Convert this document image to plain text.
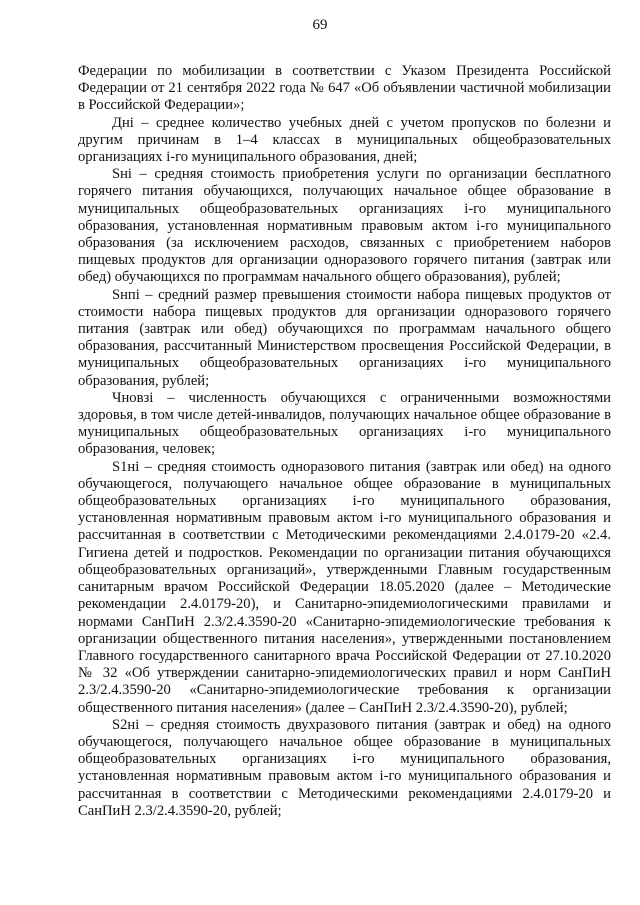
69

Федерации по мобилизации в соответствии с Указом Президента Российской Федерации от 21 сентября 2022 года № 647 «Об объявлении частичной мобилизации в Российской Федерации»;

Дні – среднее количество учебных дней с учетом пропусков по болезни и другим причинам в 1–4 классах в муниципальных общеобразовательных организациях i-го муниципального образования, дней;

Sні – средняя стоимость приобретения услуги по организации бесплатного горячего питания обучающихся, получающих начальное общее образование в муниципальных общеобразовательных организациях i-го муниципального образования, установленная нормативным правовым актом i-го муниципального образования (за исключением расходов, связанных с приобретением наборов пищевых продуктов для организации одноразового горячего питания (завтрак или обед) обучающихся по программам начального общего образования), рублей;

Sнпі – средний размер превышения стоимости набора пищевых продуктов от стоимости набора пищевых продуктов для организации одноразового горячего питания (завтрак или обед) обучающихся по программам начального общего образования, рассчитанный Министерством просвещения Российской Федерации, в муниципальных общеобразовательных организациях i-го муниципального образования, рублей;

Чновзі – численность обучающихся с ограниченными возможностями здоровья, в том числе детей-инвалидов, получающих начальное общее образование в муниципальных общеобразовательных организациях i-го муниципального образования, человек;

S1ні – средняя стоимость одноразового питания (завтрак или обед) на одного обучающегося, получающего начальное общее образование в муниципальных общеобразовательных организациях i-го муниципального образования, установленная нормативным правовым актом i-го муниципального образования и рассчитанная в соответствии с Методическими рекомендациями 2.4.0179-20 «2.4. Гигиена детей и подростков. Рекомендации по организации питания обучающихся общеобразовательных организаций», утвержденными Главным государственным санитарным врачом Российской Федерации 18.05.2020 (далее – Методические рекомендации 2.4.0179-20), и Санитарно-эпидемиологическими правилами и нормами СанПиН 2.3/2.4.3590-20 «Санитарно-эпидемиологические требования к организации общественного питания населения», утвержденными постановлением Главного государственного санитарного врача Российской Федерации от 27.10.2020 № 32 «Об утверждении санитарно-эпидемиологических правил и норм СанПиН 2.3/2.4.3590-20 «Санитарно-эпидемиологические требования к организации общественного питания населения» (далее – СанПиН 2.3/2.4.3590-20), рублей;

S2ні – средняя стоимость двухразового питания (завтрак и обед) на одного обучающегося, получающего начальное общее образование в муниципальных общеобразовательных организациях i-го муниципального образования, установленная нормативным правовым актом i-го муниципального образования и рассчитанная в соответствии с Методическими рекомендациями 2.4.0179-20 и СанПиН 2.3/2.4.3590-20, рублей;
